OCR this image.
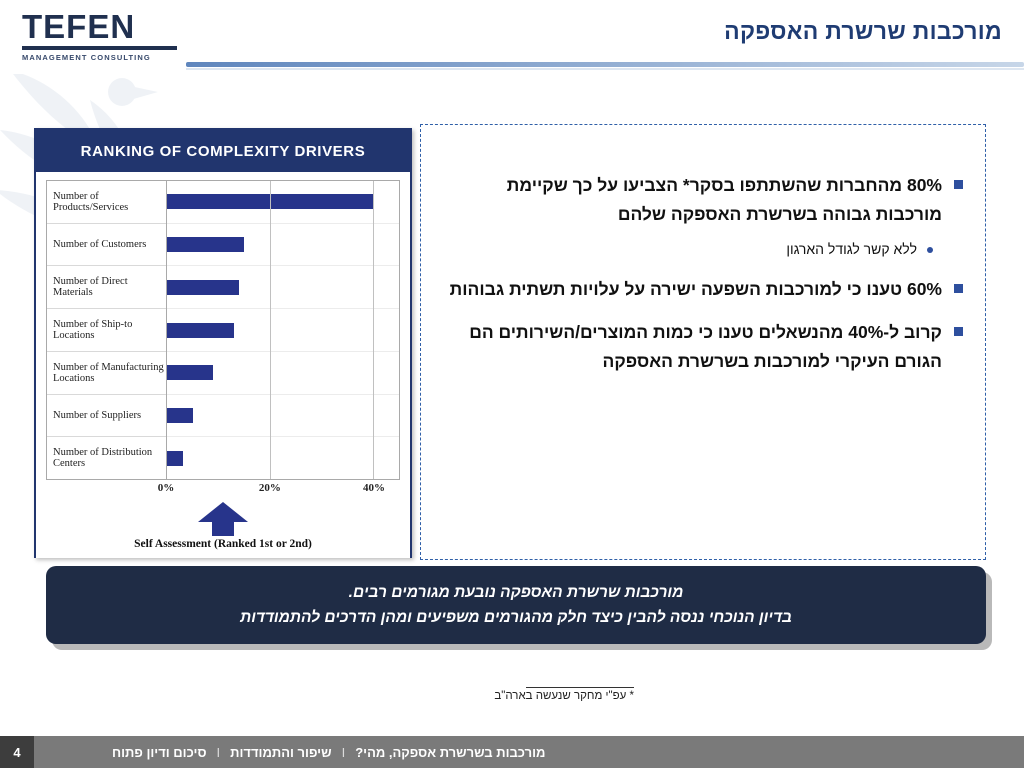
TEFEN
MANAGEMENT CONSULTING
מורכבות שרשרת האספקה
RANKING OF COMPLEXITY DRIVERS
Number of Products/Services
Number of Customers
Number of Direct Materials
Number of Ship-to Locations
Number of Manufacturing Locations
Number of Suppliers
Number of Distribution Centers
0%	20%	40%
Self Assessment (Ranked 1st or 2nd)
80% מהחברות שהשתתפו בסקר* הצביעו על כך שקיימת מורכבות גבוהה בשרשרת האספקה שלהם
ללא קשר לגודל הארגון
60% טענו כי למורכבות השפעה ישירה על עלויות תשתית גבוהות
קרוב ל-40% מהנשאלים טענו כי כמות המוצרים/השירותים הם הגורם העיקרי למורכבות בשרשרת האספקה
מורכבות שרשרת האספקה נובעת מגורמים רבים.
בדיון הנוכחי ננסה להבין כיצד חלק מהגורמים משפיעים ומהן הדרכים להתמודדות
* עפ"י מחקר שנעשה בארה"ב
4	מורכבות בשרשרת אספקה, מהי?
I
שיפור והתמודדות
I
סיכום ודיון פתוח
